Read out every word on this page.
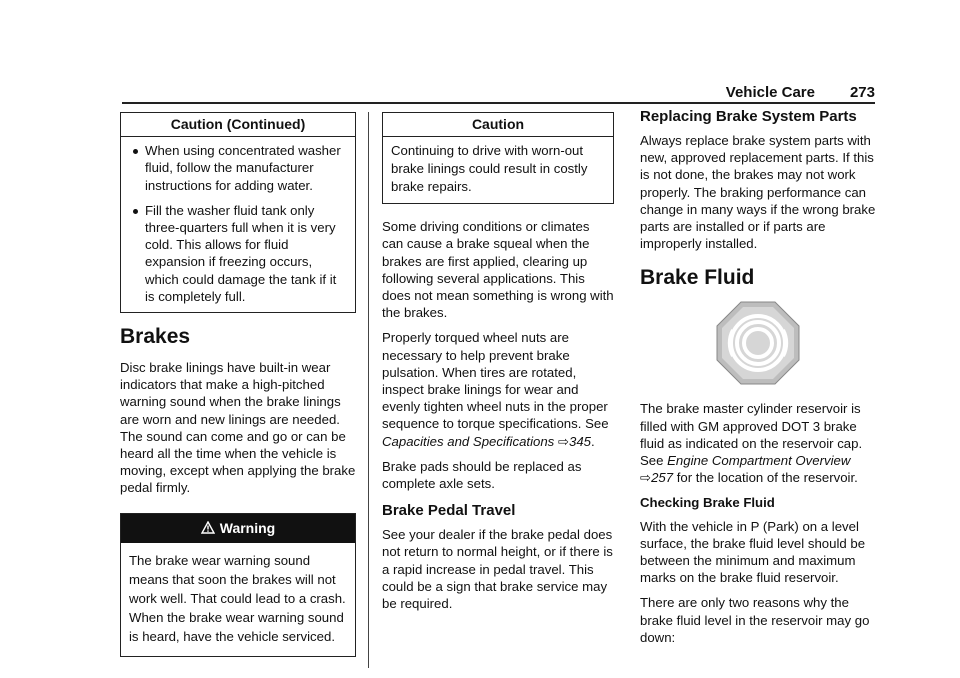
Vehicle Care 273
Caution (Continued)
When using concentrated washer fluid, follow the manufacturer instructions for adding water.
Fill the washer fluid tank only three-quarters full when it is very cold. This allows for fluid expansion if freezing occurs, which could damage the tank if it is completely full.
Brakes

Disc brake linings have built-in wear indicators that make a high-pitched warning sound when the brake linings are worn and new linings are needed. The sound can come and go or can be heard all the time when the vehicle is moving, except when applying the brake pedal firmly.

Warning
The brake wear warning sound means that soon the brakes will not work well. That could lead to a crash. When the brake wear warning sound is heard, have the vehicle serviced.
Caution
Continuing to drive with worn-out brake linings could result in costly brake repairs.

Some driving conditions or climates can cause a brake squeal when the brakes are first applied, clearing up following several applications. This does not mean something is wrong with the brakes.

Properly torqued wheel nuts are necessary to help prevent brake pulsation. When tires are rotated, inspect brake linings for wear and evenly tighten wheel nuts in the proper sequence to torque specifications. See Capacities and Specifications ⇨345.

Brake pads should be replaced as complete axle sets.

Brake Pedal Travel

See your dealer if the brake pedal does not return to normal height, or if there is a rapid increase in pedal travel. This could be a sign that brake service may be required.

Replacing Brake System Parts

Always replace brake system parts with new, approved replacement parts. If this is not done, the brakes may not work properly. The braking performance can change in many ways if the wrong brake parts are installed or if parts are improperly installed.

Brake Fluid

The brake master cylinder reservoir is filled with GM approved DOT 3 brake fluid as indicated on the reservoir cap. See Engine Compartment Overview ⇨257 for the location of the reservoir.

Checking Brake Fluid

With the vehicle in P (Park) on a level surface, the brake fluid level should be between the minimum and maximum marks on the brake fluid reservoir.

There are only two reasons why the brake fluid level in the reservoir may go down:
